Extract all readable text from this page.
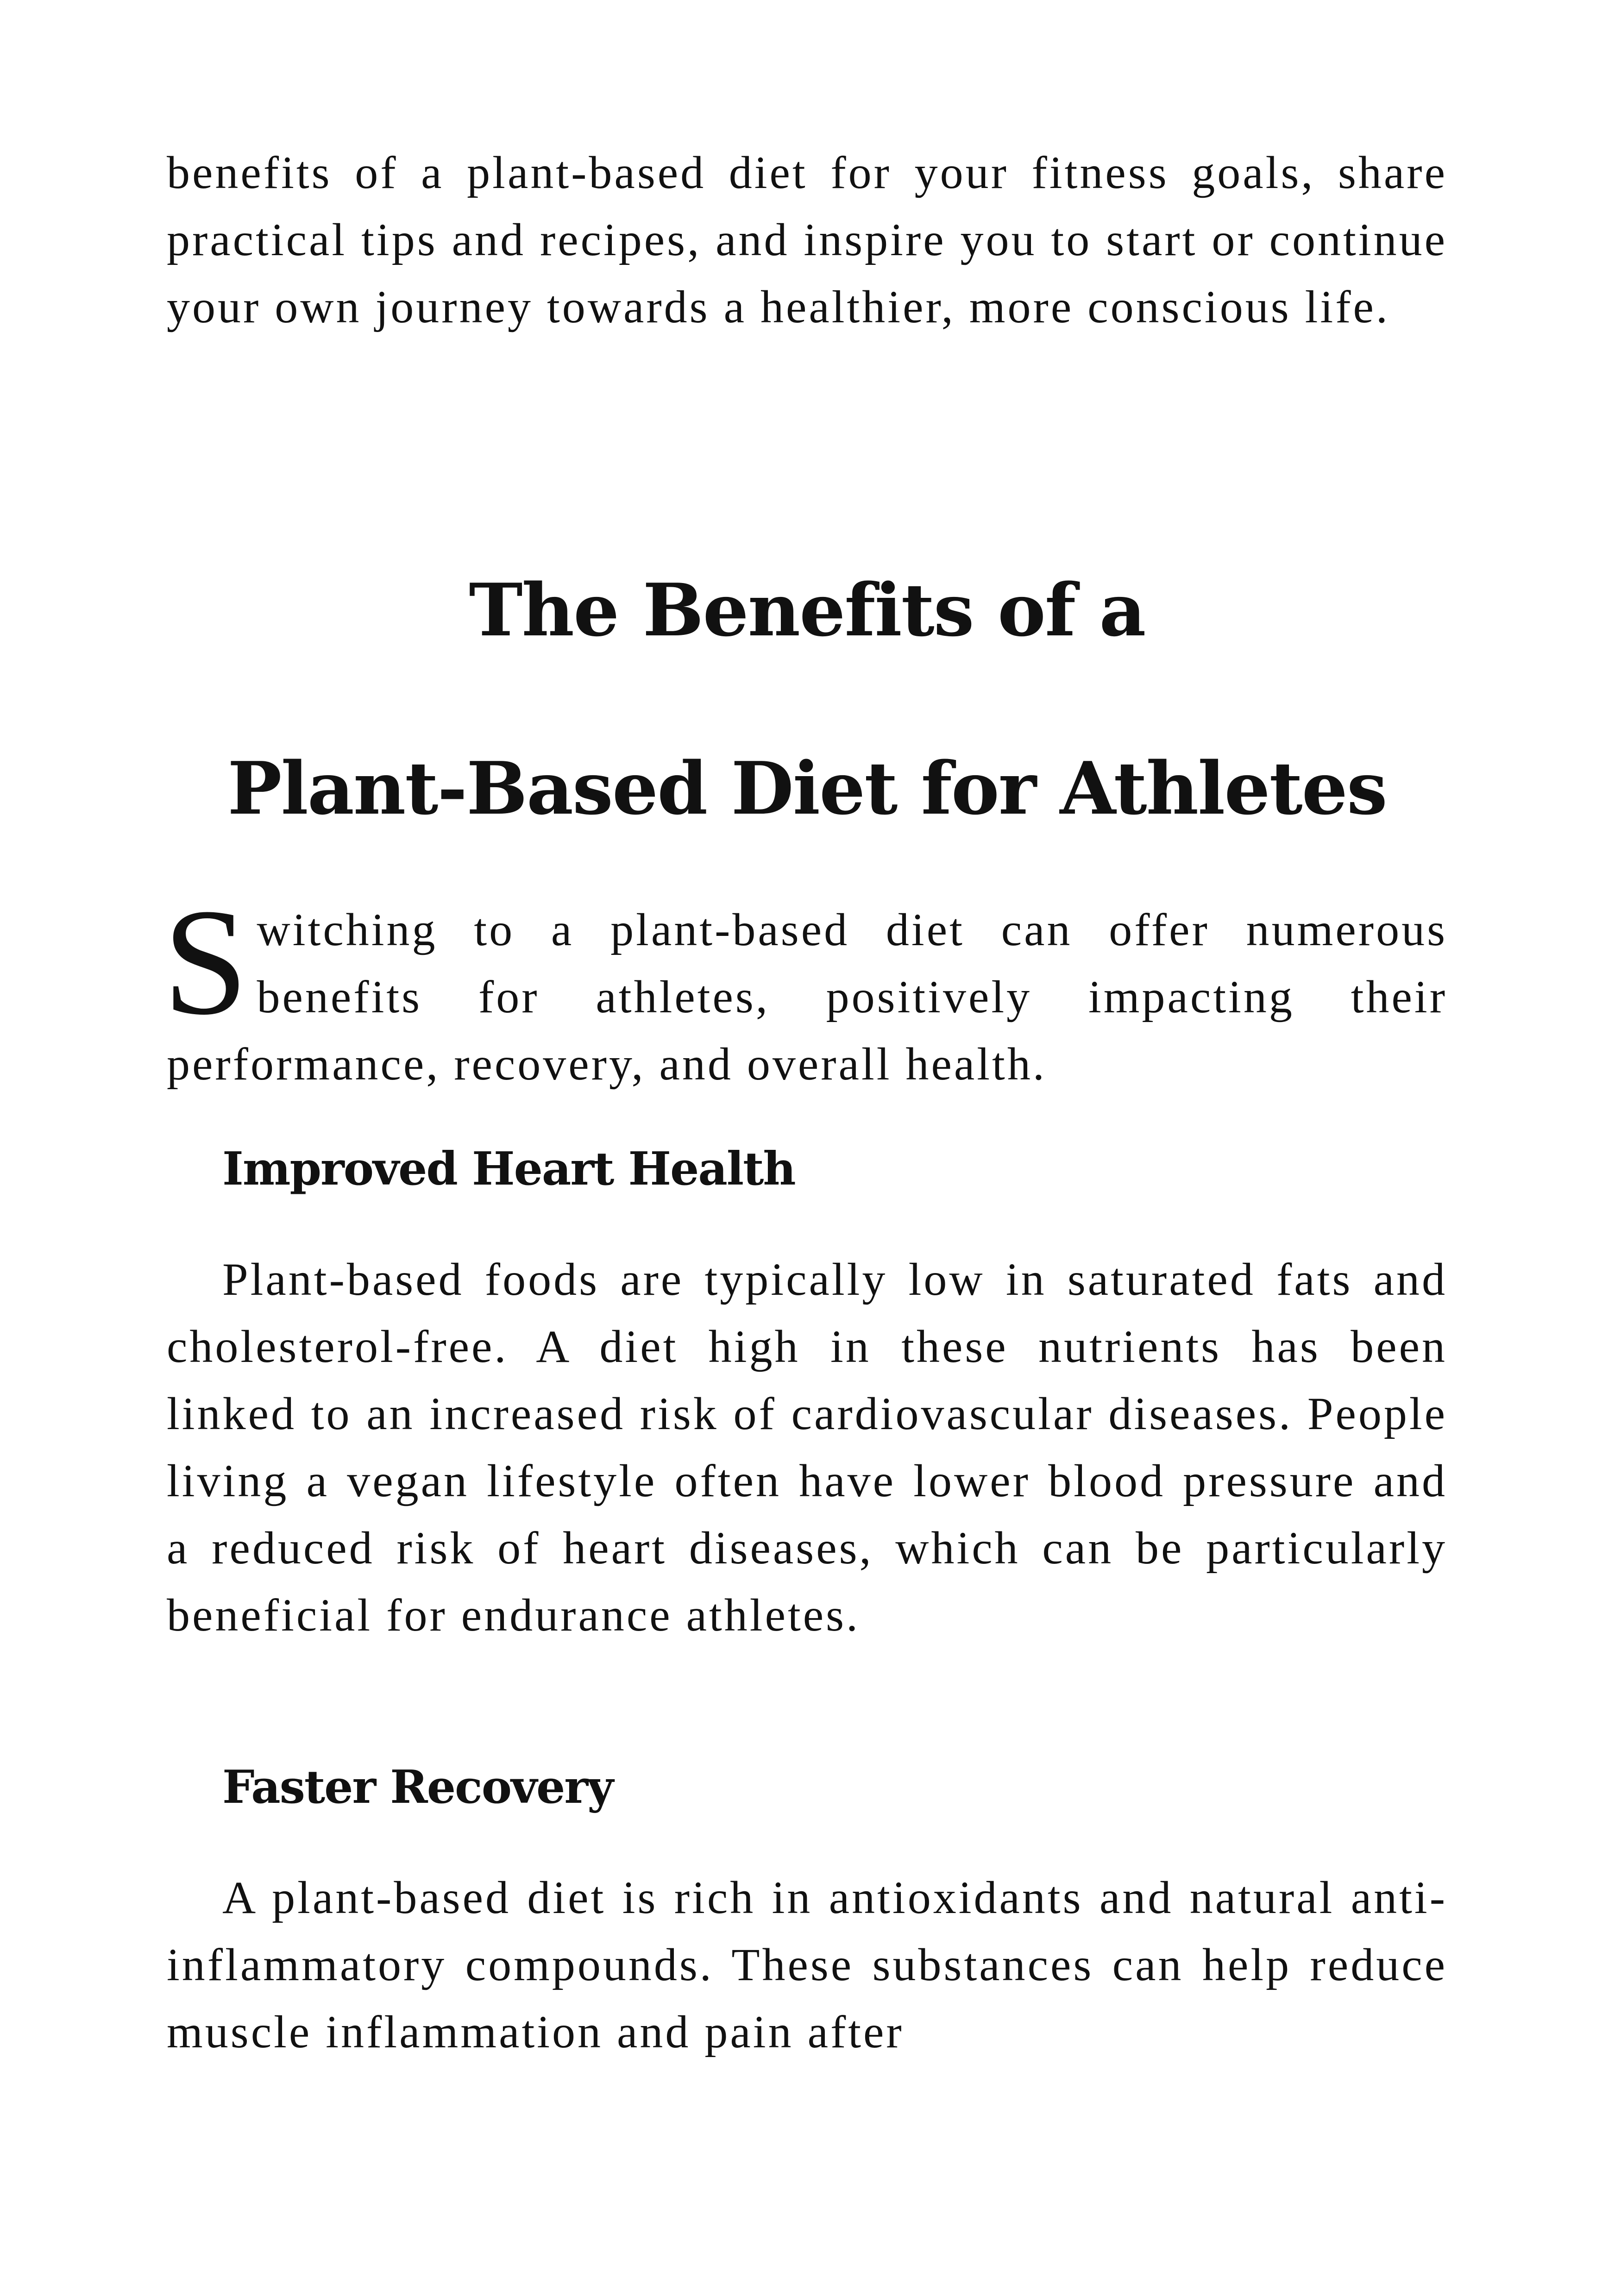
benefits of a plant-based diet for your fitness goals, share practical tips and recipes, and inspire you to start or continue your own journey towards a healthier, more conscious life.

The Benefits of a
Plant-Based Diet for Athletes

Switching to a plant-based diet can offer numerous benefits for athletes, positively impacting their performance, recovery, and overall health.

Improved Heart Health

Plant-based foods are typically low in saturated fats and cholesterol-free. A diet high in these nutrients has been linked to an increased risk of cardiovascular diseases. People living a vegan lifestyle often have lower blood pressure and a reduced risk of heart diseases, which can be particularly beneficial for endurance athletes.

Faster Recovery

A plant-based diet is rich in antioxidants and natural anti-inflammatory compounds. These substances can help reduce muscle inflammation and pain after
